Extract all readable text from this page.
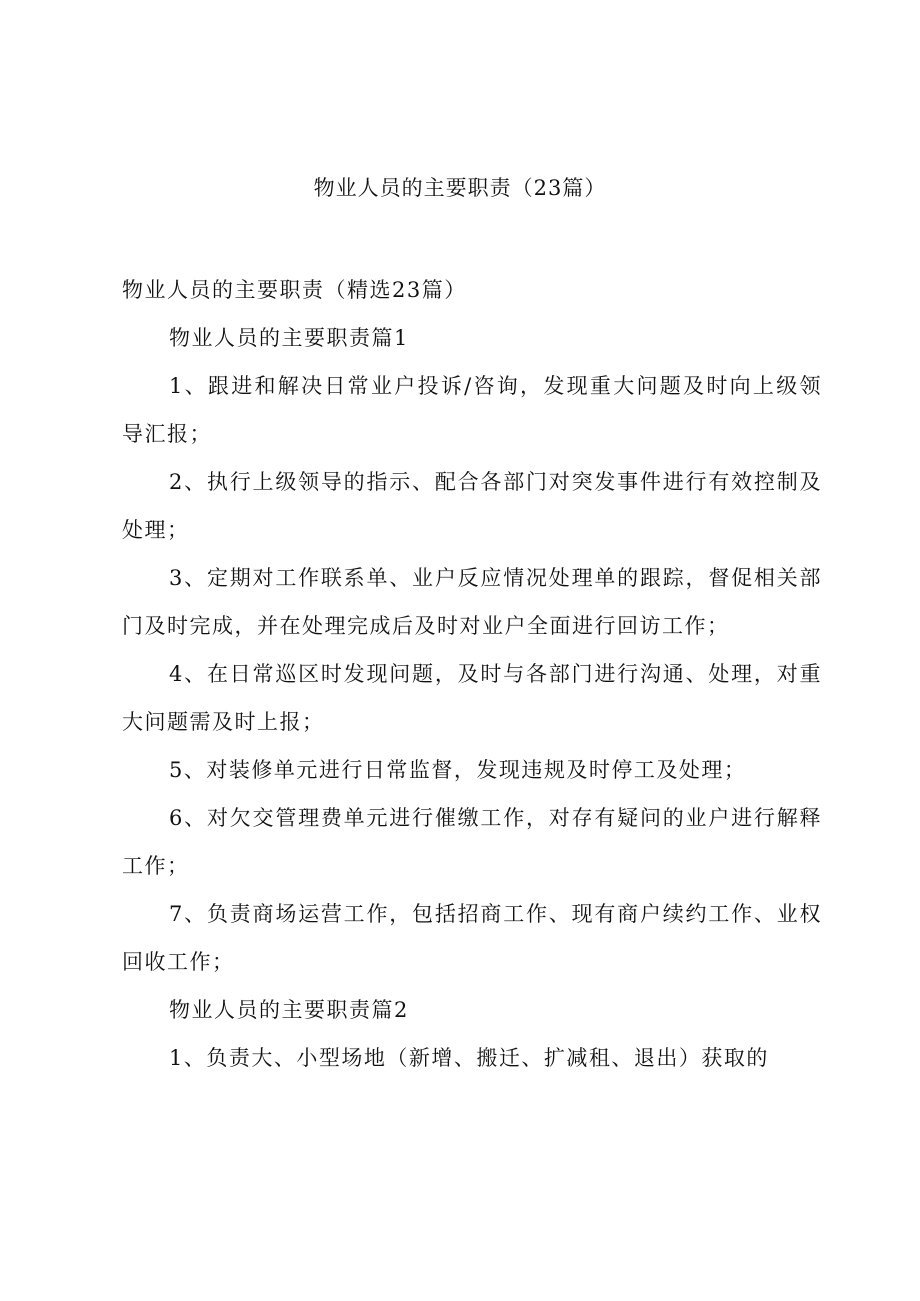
物业人员的主要职责（23篇）

物业人员的主要职责（精选23篇）

物业人员的主要职责篇1

1、跟进和解决日常业户投诉/咨询，发现重大问题及时向上级领导汇报；

2、执行上级领导的指示、配合各部门对突发事件进行有效控制及处理；

3、定期对工作联系单、业户反应情况处理单的跟踪，督促相关部门及时完成，并在处理完成后及时对业户全面进行回访工作；

4、在日常巡区时发现问题，及时与各部门进行沟通、处理，对重大问题需及时上报；

5、对装修单元进行日常监督，发现违规及时停工及处理；

6、对欠交管理费单元进行催缴工作，对存有疑问的业户进行解释工作；

7、负责商场运营工作，包括招商工作、现有商户续约工作、业权回收工作；

物业人员的主要职责篇2

1、负责大、小型场地（新增、搬迁、扩减租、退出）获取的
